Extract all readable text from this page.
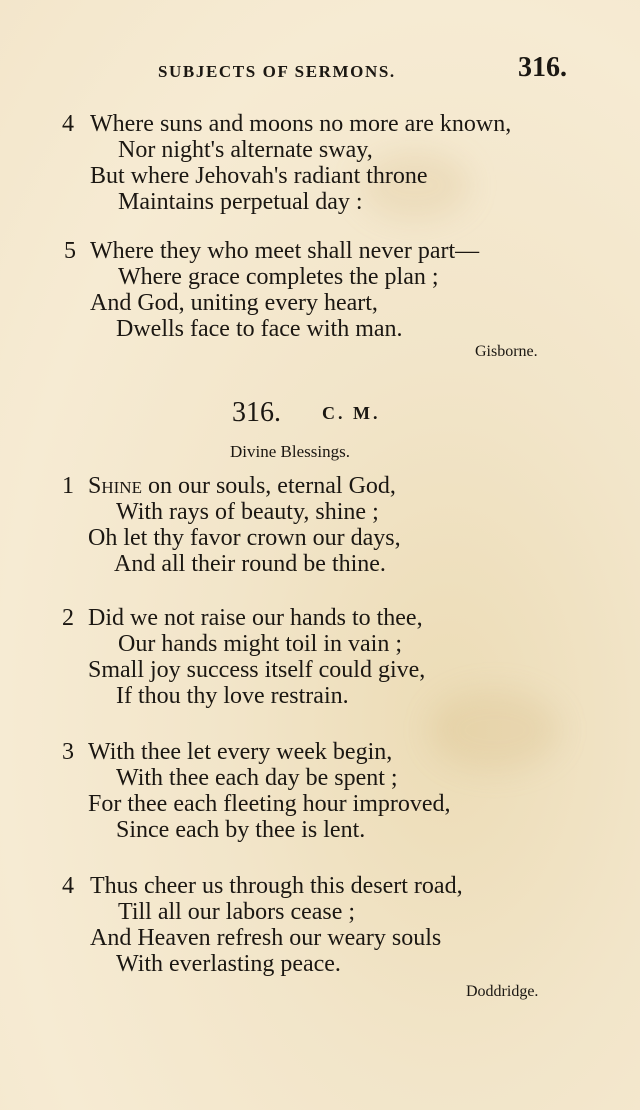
SUBJECTS OF SERMONS.	316.
4 Where suns and moons no more are known,
Nor night's alternate sway,
But where Jehovah's radiant throne
Maintains perpetual day :
5 Where they who meet shall never part—
Where grace completes the plan ;
And God, uniting every heart,
Dwells face to face with man.
Gisborne.
316. C. M.
Divine Blessings.
1 Shine on our souls, eternal God,
With rays of beauty, shine ;
Oh let thy favor crown our days,
And all their round be thine.
2 Did we not raise our hands to thee,
Our hands might toil in vain ;
Small joy success itself could give,
If thou thy love restrain.
3 With thee let every week begin,
With thee each day be spent ;
For thee each fleeting hour improved,
Since each by thee is lent.
4 Thus cheer us through this desert road,
Till all our labors cease ;
And Heaven refresh our weary souls
With everlasting peace.
Doddridge.
